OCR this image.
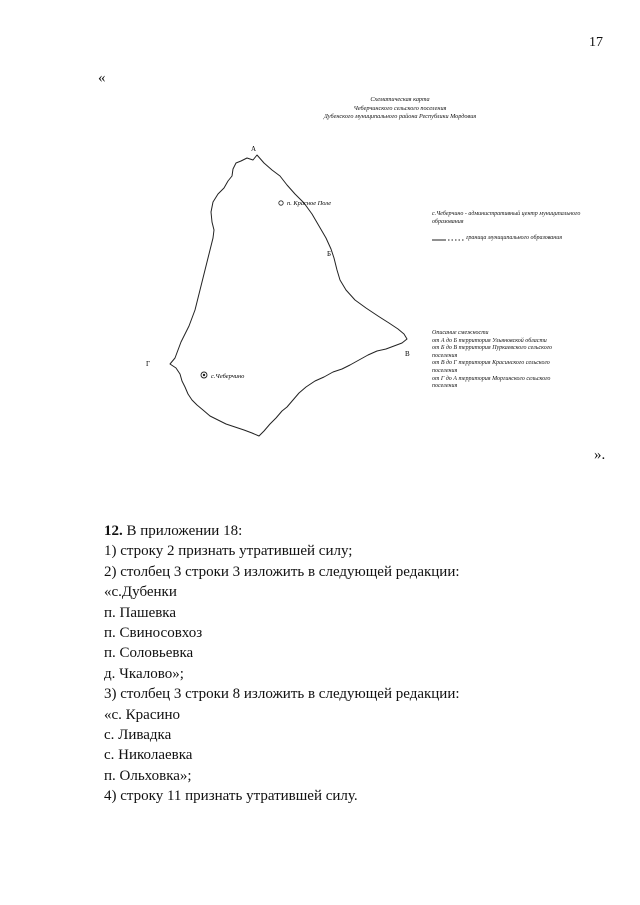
17
«
Схематическая карта
Чеберчинского сельского поселения
Дубенского муниципального района Республики Мордовия
А
Б
В
Г
п. Красное Поле
с.Чеберчино
с.Чеберчино - административный центр муниципального образования
граница муниципального образования
Описание смежности
от А до Б территория Ульяновской области
от Б до В территория Пуркаевского сельского
поселения
от В до Г территория Красинского сельского
поселения
от Г до А территория Моргинского сельского
поселения
».
12. В приложении 18:
1) строку 2 признать утратившей силу;
2) столбец 3 строки 3 изложить в следующей редакции:
«с.Дубенки
п. Пашевка
п. Свиносовхоз
п. Соловьевка
д. Чкалово»;
3) столбец 3 строки 8 изложить в следующей редакции:
«с. Красино
с. Ливадка
с. Николаевка
п. Ольховка»;
4) строку 11 признать утратившей силу.
